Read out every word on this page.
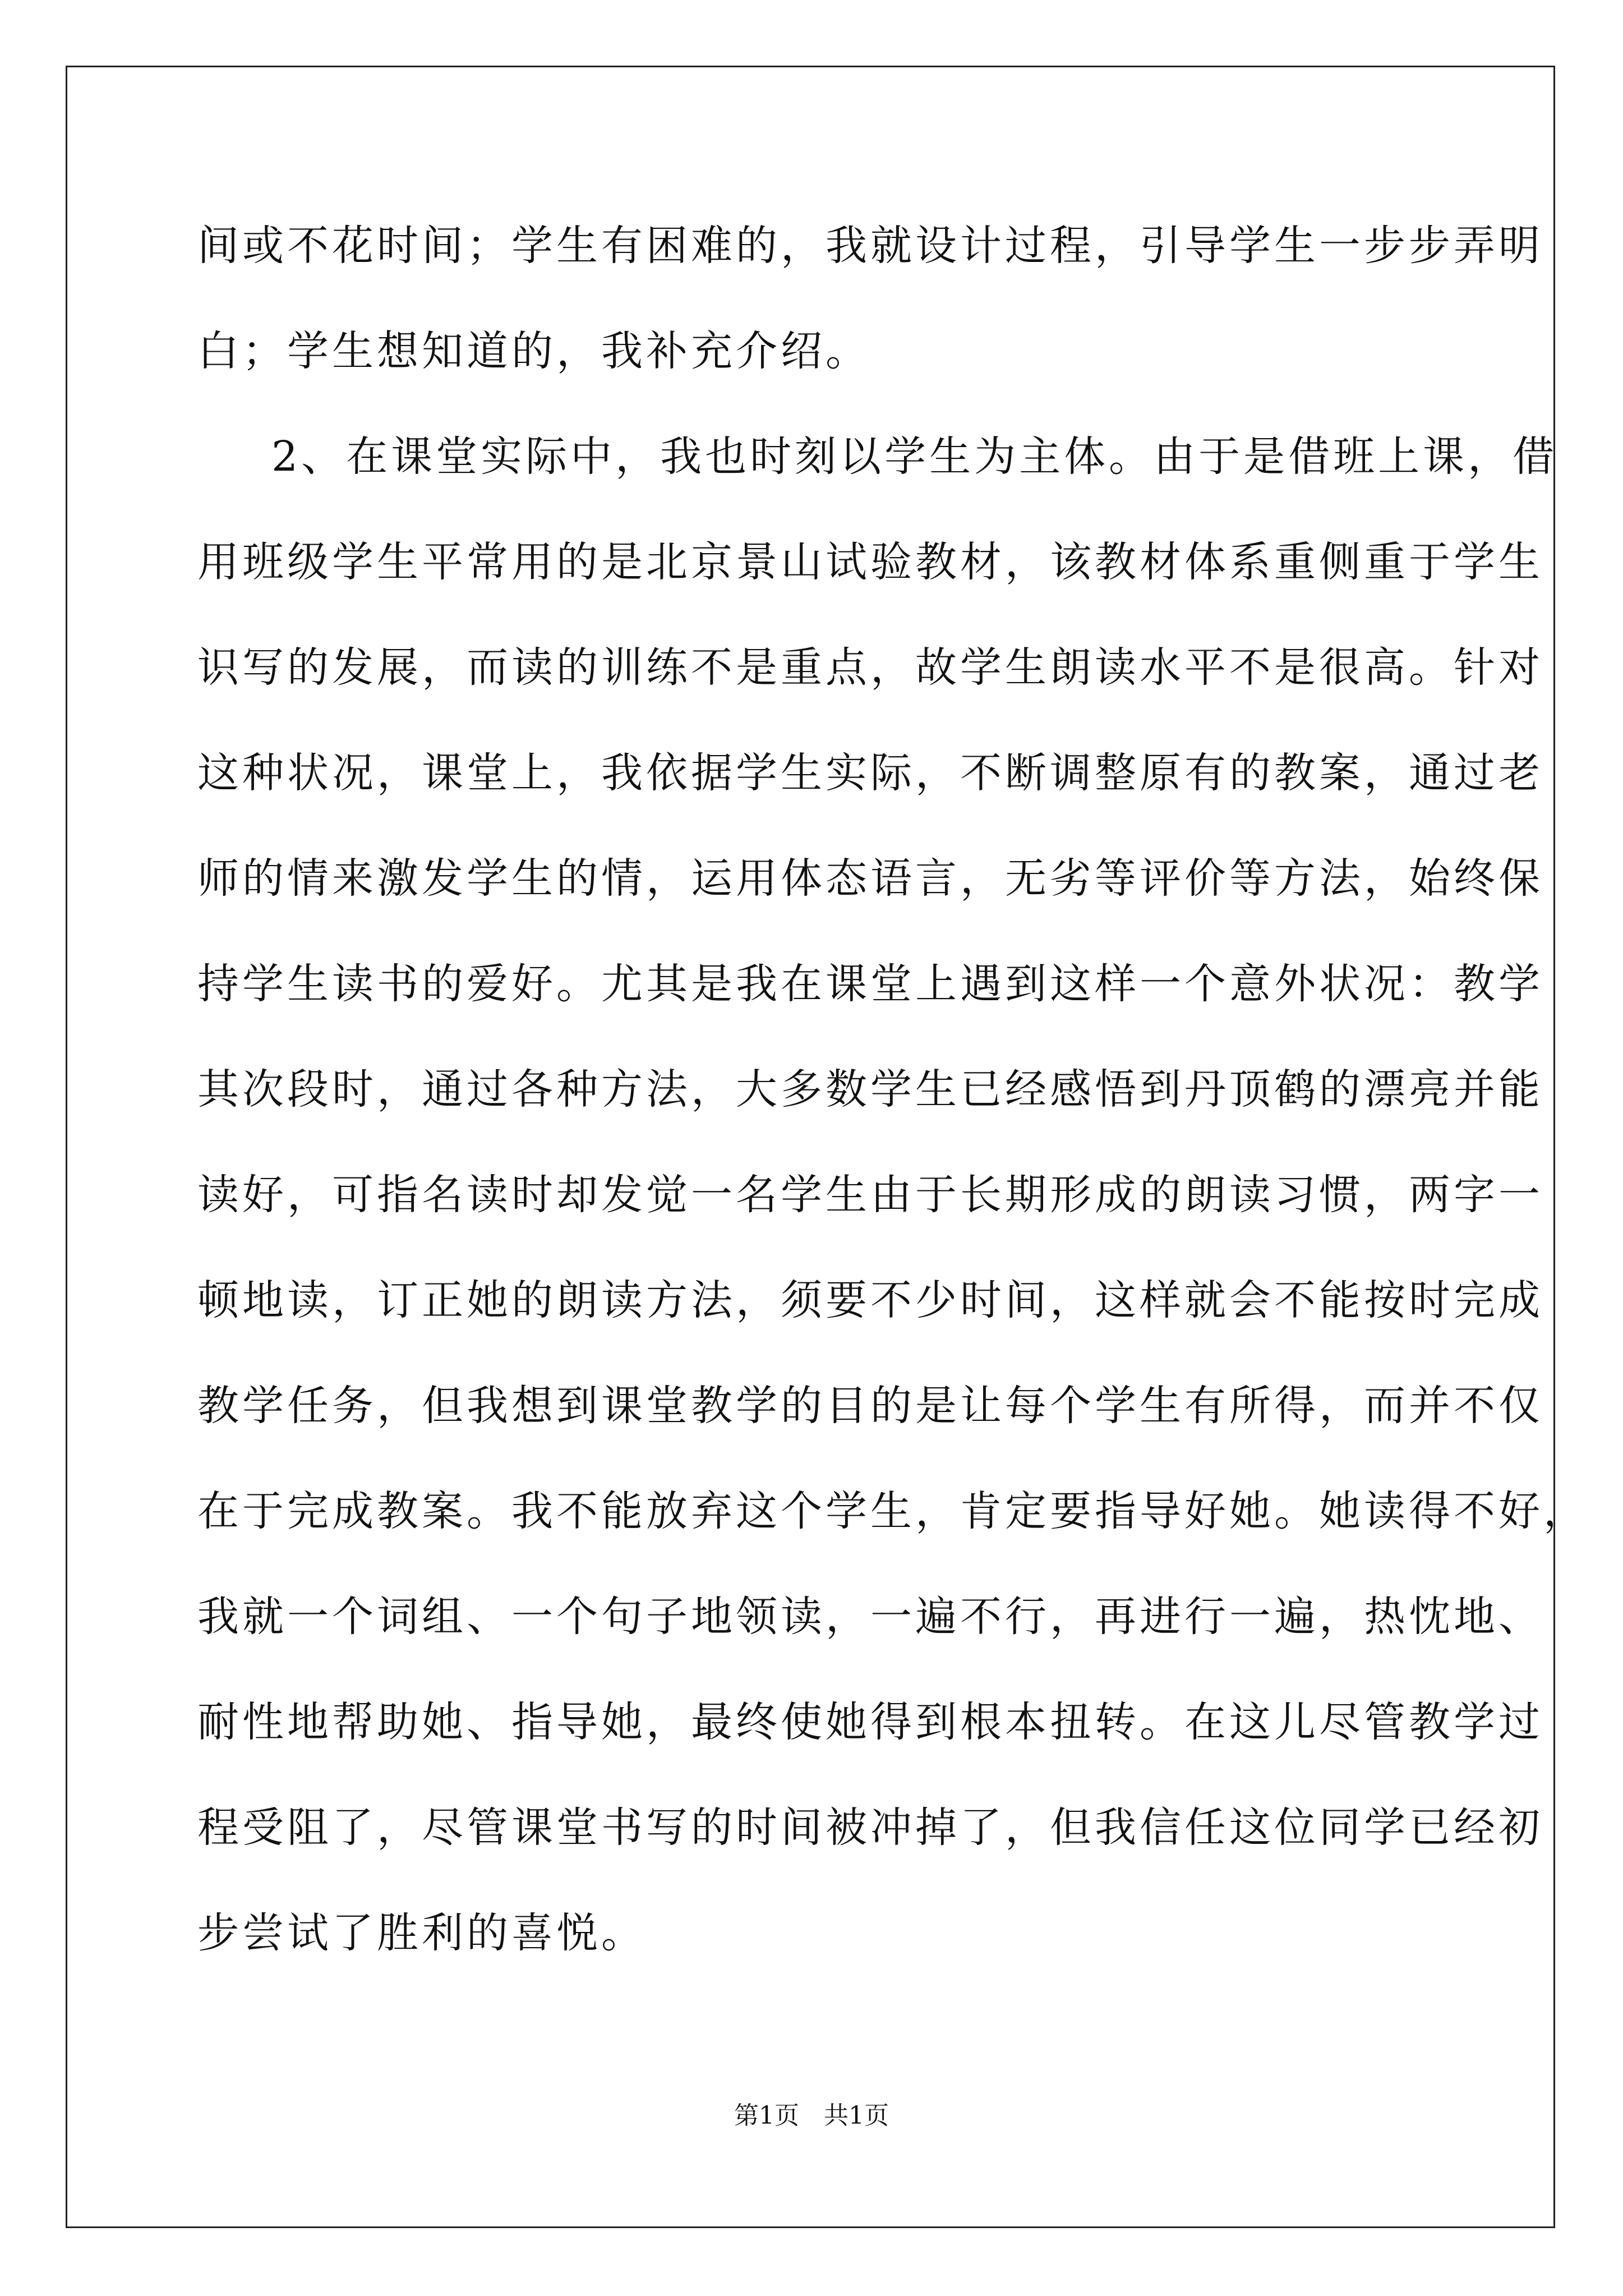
间或不花时间；学生有困难的，我就设计过程，引导学生一步步弄明
白；学生想知道的，我补充介绍。
2、在课堂实际中，我也时刻以学生为主体。由于是借班上课，借
用班级学生平常用的是北京景山试验教材，该教材体系重侧重于学生
识写的发展，而读的训练不是重点，故学生朗读水平不是很高。针对
这种状况，课堂上，我依据学生实际，不断调整原有的教案，通过老
师的情来激发学生的情，运用体态语言，无劣等评价等方法，始终保
持学生读书的爱好。尤其是我在课堂上遇到这样一个意外状况：教学
其次段时，通过各种方法，大多数学生已经感悟到丹顶鹤的漂亮并能
读好，可指名读时却发觉一名学生由于长期形成的朗读习惯，两字一
顿地读，订正她的朗读方法，须要不少时间，这样就会不能按时完成
教学任务，但我想到课堂教学的目的是让每个学生有所得，而并不仅
在于完成教案。我不能放弃这个学生，肯定要指导好她。她读得不好，
我就一个词组、一个句子地领读，一遍不行，再进行一遍，热忱地、
耐性地帮助她、指导她，最终使她得到根本扭转。在这儿尽管教学过
程受阻了，尽管课堂书写的时间被冲掉了，但我信任这位同学已经初
步尝试了胜利的喜悦。
第1页　共1页
